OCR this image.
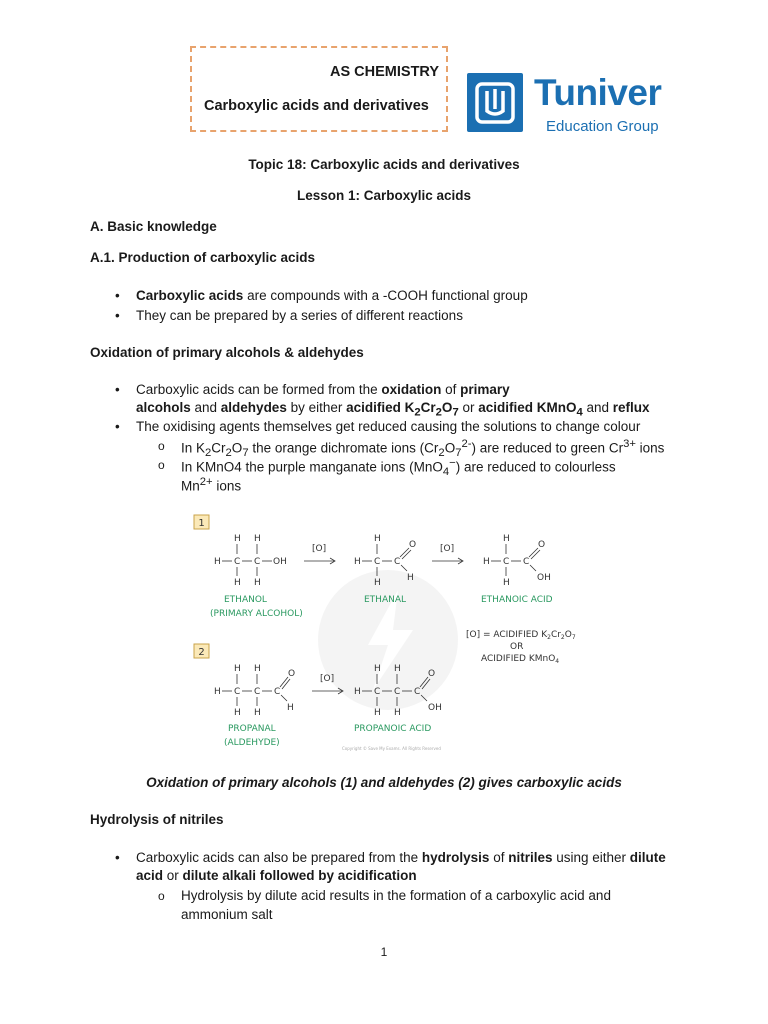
AS CHEMISTRY
Carboxylic acids and derivatives	Tuniver
Education Group
Topic 18: Carboxylic acids and derivatives
Lesson 1: Carboxylic acids
A. Basic knowledge
A.1. Production of carboxylic acids
• Carboxylic acids are compounds with a -COOH functional group
• They can be prepared by a series of different reactions
Oxidation of primary alcohols & aldehydes
• Carboxylic acids can be formed from the oxidation of primary
alcohols and aldehydes by either acidified $K_2Cr_2O_7$ or acidified KMnO$_4$ and reflux
• The oxidising agents themselves get reduced causing the solutions to change colour
o In $K_2Cr_2O_7$ the orange dichromate ions $(Cr_2O_7^{2-})$ are reduced to green $Cr^{3+}$ ions
o In KMnO4 the purple manganate ions (MnO$_4$−) are reduced to colourless
$Mn^{2+}$ ions
1
H H
H C C OH
H H
ETHANOL
(PRIMARY ALCOHOL)
[O]
H
H C C
O
H
H
ETHANAL
[O]
H
H C C
O
OH
H
ETHANOIC ACID
[O] = ACIDIFIED $K_2Cr_2O_7$
OR
ACIDIFIED KMnO$_4$
2
H H
H C C C
O
H
H H
PROPANAL
(ALDEHYDE)
[O]
H H
H C C C
O
OH
H H
PROPANOIC ACID
Copyright © Save My Exams. All Rights Reserved
Oxidation of primary alcohols (1) and aldehydes (2) gives carboxylic acids
Hydrolysis of nitriles
• Carboxylic acids can also be prepared from the hydrolysis of nitriles using either dilute
acid or dilute alkali followed by acidification
o Hydrolysis by dilute acid results in the formation of a carboxylic acid and
ammonium salt
1
